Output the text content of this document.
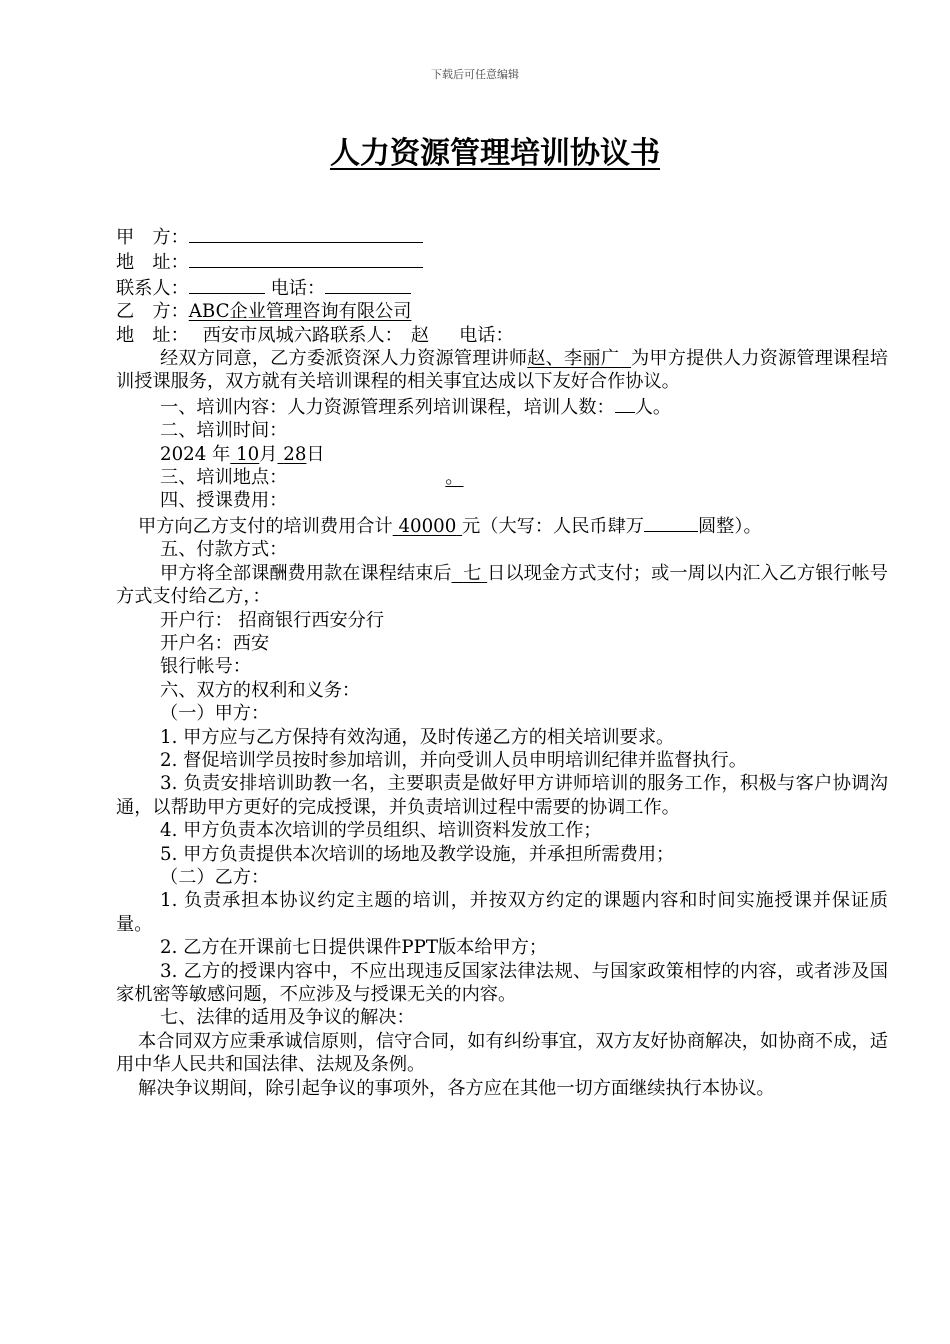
下载后可任意编辑
人力资源管理培训协议书

甲　方：

地　址：

联系人：	电话：

乙　方：ABC企业管理咨询有限公司

地　址： 西安市凤城六路联系人： 赵 电话：

经双方同意，乙方委派资深人力资源管理讲师赵、李丽广 为甲方提供人力资源管理课程培训授课服务，双方就有关培训课程的相关事宜达成以下友好合作协议。

一、培训内容：人力资源管理系列培训课程，培训人数： 人。

二、培训时间：

2024 年 10月 28日

三、培训地点：	。

四、授课费用：

甲方向乙方支付的培训费用合计 40000 元（大写：人民币肆万	圆整）。

五、付款方式：

甲方将全部课酬费用款在课程结束后 七 日以现金方式支付；或一周以内汇入乙方银行帐号方式支付给乙方，：

开户行： 招商银行西安分行

开户名：西安

银行帐号：

六、双方的权利和义务：

（一）甲方：

1. 甲方应与乙方保持有效沟通，及时传递乙方的相关培训要求。

2. 督促培训学员按时参加培训，并向受训人员申明培训纪律并监督执行。

3. 负责安排培训助教一名，主要职责是做好甲方讲师培训的服务工作，积极与客户协调沟通，以帮助甲方更好的完成授课，并负责培训过程中需要的协调工作。

4. 甲方负责本次培训的学员组织、培训资料发放工作；

5. 甲方负责提供本次培训的场地及教学设施，并承担所需费用；

（二）乙方：

1. 负责承担本协议约定主题的培训，并按双方约定的课题内容和时间实施授课并保证质量。

2. 乙方在开课前七日提供课件PPT版本给甲方；

3. 乙方的授课内容中，不应出现违反国家法律法规、与国家政策相悖的内容，或者涉及国家机密等敏感问题，不应涉及与授课无关的内容。

七、法律的适用及争议的解决：

本合同双方应秉承诚信原则，信守合同，如有纠纷事宜，双方友好协商解决，如协商不成，适用中华人民共和国法律、法规及条例。

解决争议期间，除引起争议的事项外，各方应在其他一切方面继续执行本协议。
